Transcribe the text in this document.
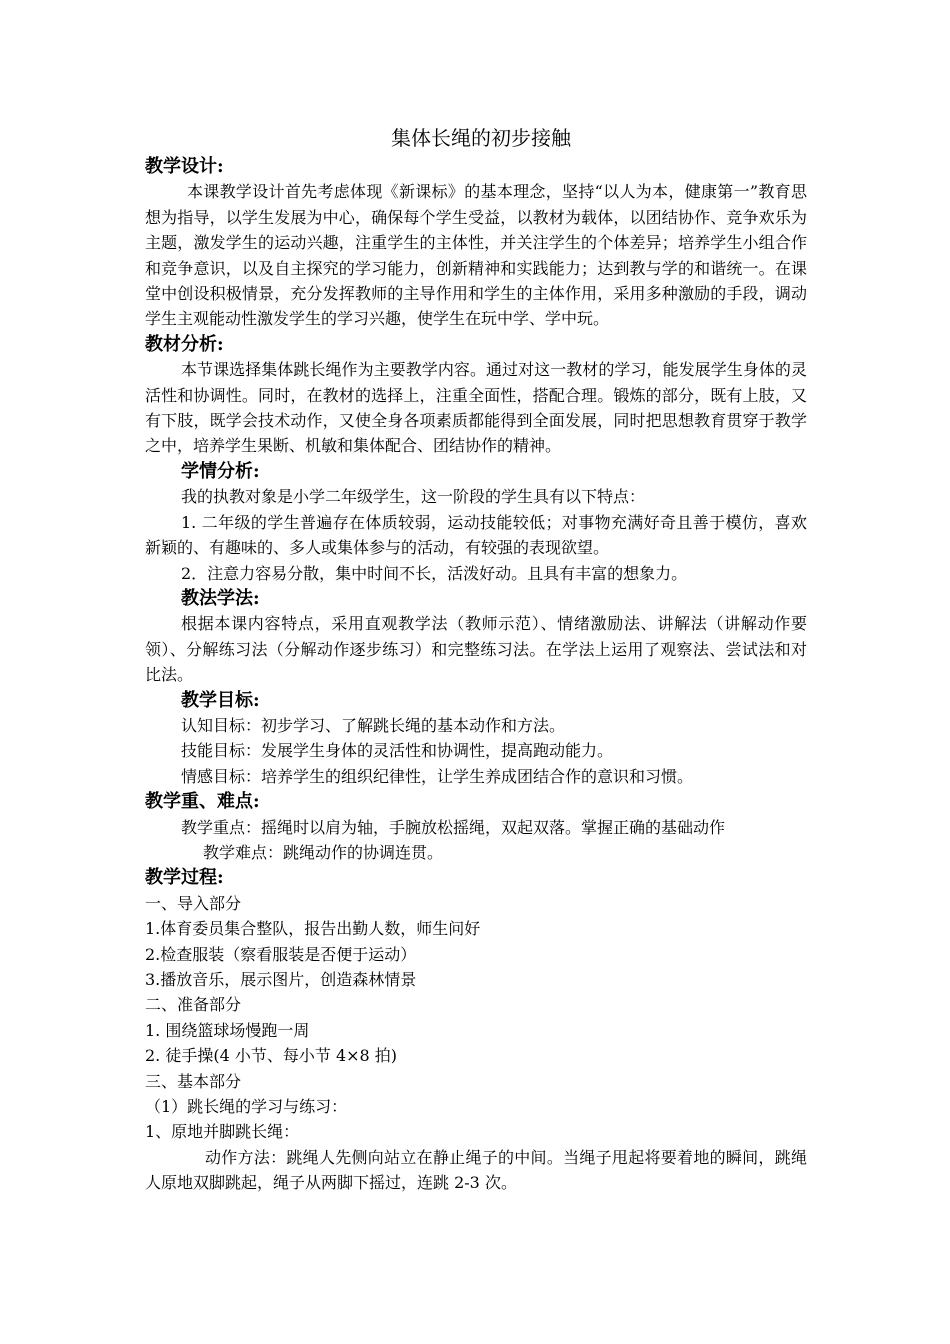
集体长绳的初步接触
教学设计:

本课教学设计首先考虑体现《新课标》的基本理念，坚持“以人为本，健康第一”教育思想为指导，以学生发展为中心，确保每个学生受益，以教材为载体，以团结协作、竞争欢乐为主题，激发学生的运动兴趣，注重学生的主体性，并关注学生的个体差异；培养学生小组合作和竞争意识，以及自主探究的学习能力，创新精神和实践能力；达到教与学的和谐统一。在课堂中创设积极情景，充分发挥教师的主导作用和学生的主体作用，采用多种激励的手段，调动学生主观能动性激发学生的学习兴趣，使学生在玩中学、学中玩。

教材分析:

本节课选择集体跳长绳作为主要教学内容。通过对这一教材的学习，能发展学生身体的灵活性和协调性。同时，在教材的选择上，注重全面性，搭配合理。锻炼的部分，既有上肢，又有下肢，既学会技术动作，又使全身各项素质都能得到全面发展，同时把思想教育贯穿于教学之中，培养学生果断、机敏和集体配合、团结协作的精神。

学情分析:

我的执教对象是小学二年级学生，这一阶段的学生具有以下特点：

1. 二年级的学生普遍存在体质较弱，运动技能较低；对事物充满好奇且善于模仿，喜欢新颖的、有趣味的、多人或集体参与的活动，有较强的表现欲望。

2．注意力容易分散，集中时间不长，活泼好动。且具有丰富的想象力。

教法学法:

根据本课内容特点，采用直观教学法（教师示范）、情绪激励法、讲解法（讲解动作要领）、分解练习法（分解动作逐步练习）和完整练习法。在学法上运用了观察法、尝试法和对比法。

教学目标:

认知目标：初步学习、了解跳长绳的基本动作和方法。

技能目标：发展学生身体的灵活性和协调性，提高跑动能力。

情感目标：培养学生的组织纪律性，让学生养成团结合作的意识和习惯。

教学重、难点:

教学重点：摇绳时以肩为轴，手腕放松摇绳，双起双落。掌握正确的基础动作

教学难点：跳绳动作的协调连贯。

教学过程:

一、导入部分

1.体育委员集合整队，报告出勤人数，师生问好

2.检查服装（察看服装是否便于运动）

3.播放音乐，展示图片，创造森林情景

二、准备部分

1. 围绕篮球场慢跑一周

2. 徒手操(4 小节、每小节 4×8 拍)

三、基本部分

（1）跳长绳的学习与练习：

1、原地并脚跳长绳：

动作方法：跳绳人先侧向站立在静止绳子的中间。当绳子甩起将要着地的瞬间，跳绳人原地双脚跳起，绳子从两脚下摇过，连跳 2-3 次。
